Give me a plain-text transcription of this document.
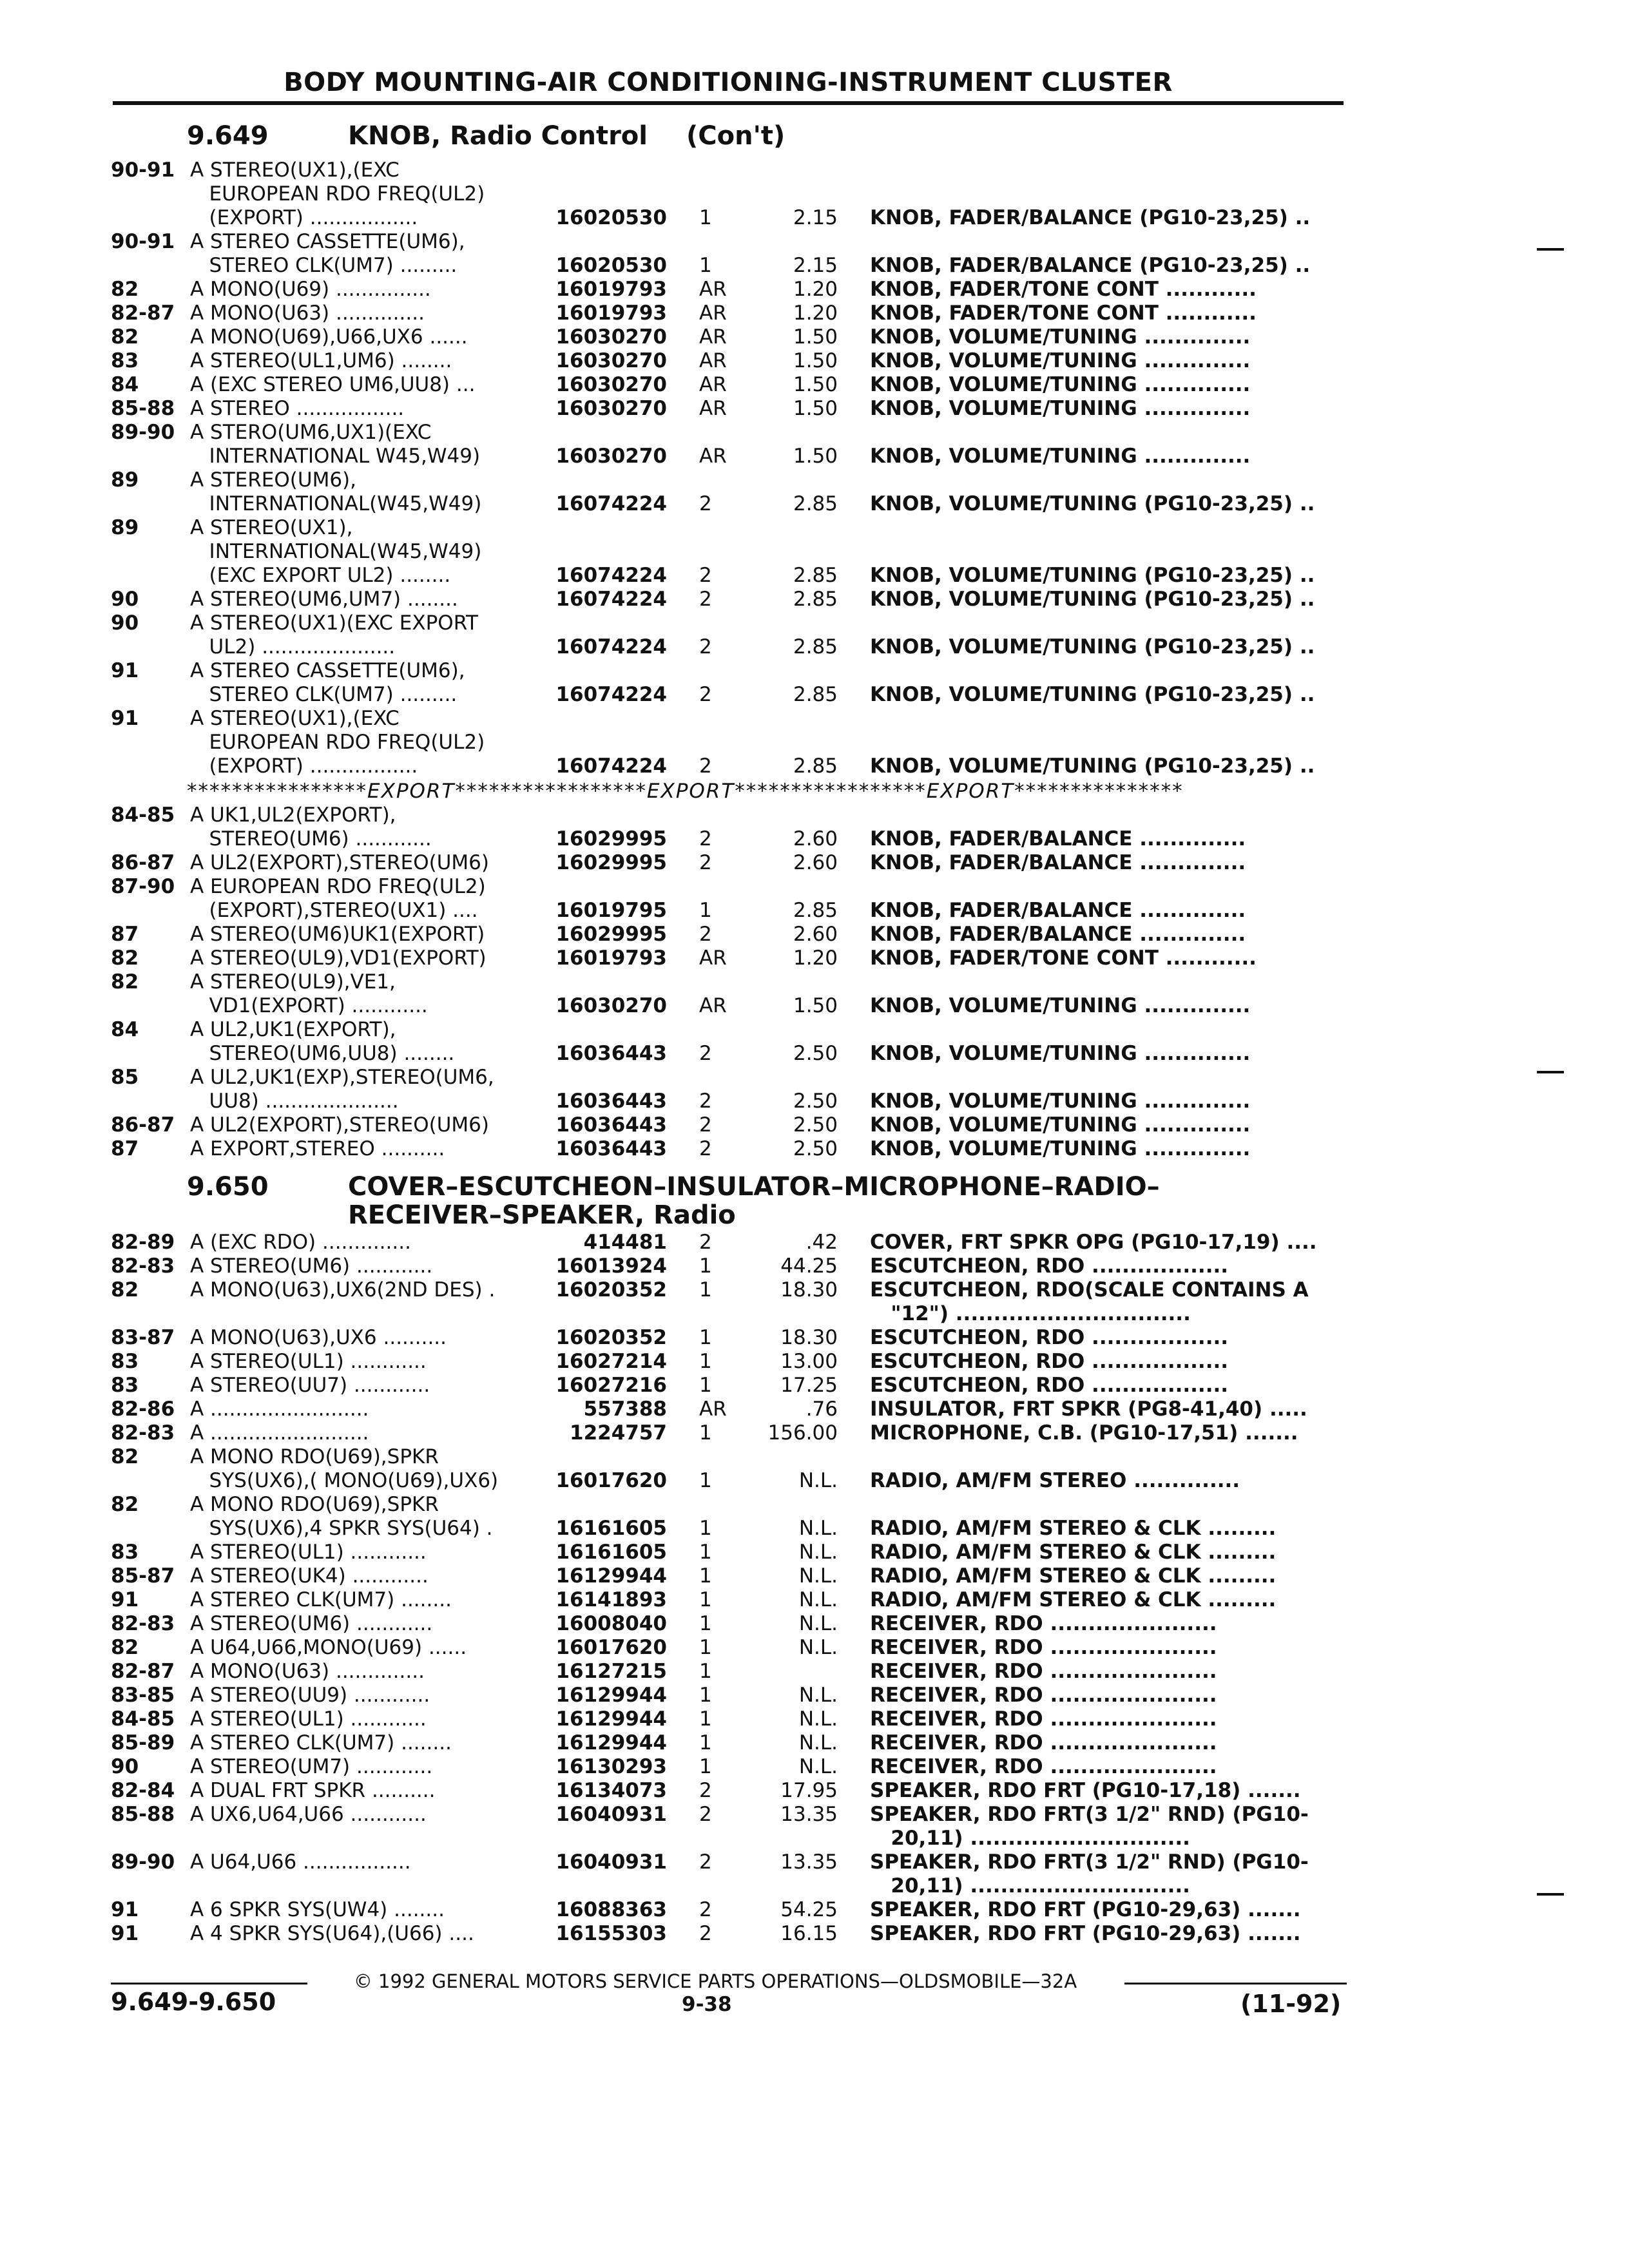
BODY MOUNTING-AIR CONDITIONING-INSTRUMENT CLUSTER
9.649	KNOB, Radio Control (Con't)
****************EXPORT*****************EXPORT*****************EXPORT***************
9.650	COVER–ESCUTCHEON–INSULATOR–MICROPHONE–RADIO–
RECEIVER–SPEAKER, Radio
90-91 A STEREO(UX1),(EXC
EUROPEAN RDO FREQ(UL2)
(EXPORT) .................	16020530 1	2.15 KNOB, FADER/BALANCE (PG10-23,25) ..
90-91 A STEREO CASSETTE(UM6),
STEREO CLK(UM7) .........	16020530 1	2.15 KNOB, FADER/BALANCE (PG10-23,25) ..
82	A MONO(U69) ...............	16019793 AR	1.20 KNOB, FADER/TONE CONT ............
82-87 A MONO(U63) ..............	16019793 AR	1.20 KNOB, FADER/TONE CONT ............
82	A MONO(U69),U66,UX6 ......	16030270 AR	1.50 KNOB, VOLUME/TUNING ..............
83	A STEREO(UL1,UM6) ........	16030270 AR	1.50 KNOB, VOLUME/TUNING ..............
84	A (EXC STEREO UM6,UU8) ...	16030270 AR	1.50 KNOB, VOLUME/TUNING ..............
85-88 A STEREO .................	16030270 AR	1.50 KNOB, VOLUME/TUNING ..............
89-90 A STERO(UM6,UX1)(EXC
INTERNATIONAL W45,W49)	16030270 AR	1.50 KNOB, VOLUME/TUNING ..............
89	A STEREO(UM6),
INTERNATIONAL(W45,W49)	16074224 2	2.85 KNOB, VOLUME/TUNING (PG10-23,25) ..
89	A STEREO(UX1),
INTERNATIONAL(W45,W49)
(EXC EXPORT UL2) ........	16074224 2	2.85 KNOB, VOLUME/TUNING (PG10-23,25) ..
90	A STEREO(UM6,UM7) ........	16074224 2	2.85 KNOB, VOLUME/TUNING (PG10-23,25) ..
90	A STEREO(UX1)(EXC EXPORT
UL2) .....................	16074224 2	2.85 KNOB, VOLUME/TUNING (PG10-23,25) ..
91	A STEREO CASSETTE(UM6),
STEREO CLK(UM7) .........	16074224 2	2.85 KNOB, VOLUME/TUNING (PG10-23,25) ..
91	A STEREO(UX1),(EXC
EUROPEAN RDO FREQ(UL2)
(EXPORT) .................	16074224 2	2.85 KNOB, VOLUME/TUNING (PG10-23,25) ..
84-85 A UK1,UL2(EXPORT),
STEREO(UM6) ............	16029995 2	2.60 KNOB, FADER/BALANCE ..............
86-87 A UL2(EXPORT),STEREO(UM6)	16029995 2	2.60 KNOB, FADER/BALANCE ..............
87-90 A EUROPEAN RDO FREQ(UL2)
(EXPORT),STEREO(UX1) ....	16019795 1	2.85 KNOB, FADER/BALANCE ..............
87	A STEREO(UM6)UK1(EXPORT)	16029995 2	2.60 KNOB, FADER/BALANCE ..............
82	A STEREO(UL9),VD1(EXPORT)	16019793 AR	1.20 KNOB, FADER/TONE CONT ............
82	A STEREO(UL9),VE1,
VD1(EXPORT) ............	16030270 AR	1.50 KNOB, VOLUME/TUNING ..............
84	A UL2,UK1(EXPORT),
STEREO(UM6,UU8) ........	16036443 2	2.50 KNOB, VOLUME/TUNING ..............
85	A UL2,UK1(EXP),STEREO(UM6,
UU8) .....................	16036443 2	2.50 KNOB, VOLUME/TUNING ..............
86-87 A UL2(EXPORT),STEREO(UM6)	16036443 2	2.50 KNOB, VOLUME/TUNING ..............
87	A EXPORT,STEREO ..........	16036443 2	2.50 KNOB, VOLUME/TUNING ..............
82-89 A (EXC RDO) ..............	414481 2	.42 COVER, FRT SPKR OPG (PG10-17,19) ....
82-83 A STEREO(UM6) ............	16013924 1	44.25 ESCUTCHEON, RDO ..................
82	A MONO(U63),UX6(2ND DES) .	16020352 1	18.30 ESCUTCHEON, RDO(SCALE CONTAINS A
"12") ...............................
83-87 A MONO(U63),UX6 ..........	16020352 1	18.30 ESCUTCHEON, RDO ..................
83	A STEREO(UL1) ............	16027214 1	13.00 ESCUTCHEON, RDO ..................
83	A STEREO(UU7) ............	16027216 1	17.25 ESCUTCHEON, RDO ..................
82-86 A .........................	557388 AR	.76 INSULATOR, FRT SPKR (PG8-41,40) .....
82-83 A .........................	1224757 1	156.00 MICROPHONE, C.B. (PG10-17,51) .......
82	A MONO RDO(U69),SPKR
SYS(UX6),( MONO(U69),UX6)	16017620 1	N.L. RADIO, AM/FM STEREO ..............
82	A MONO RDO(U69),SPKR
SYS(UX6),4 SPKR SYS(U64) .	16161605 1	N.L. RADIO, AM/FM STEREO & CLK .........
83	A STEREO(UL1) ............	16161605 1	N.L. RADIO, AM/FM STEREO & CLK .........
85-87 A STEREO(UK4) ............	16129944 1	N.L. RADIO, AM/FM STEREO & CLK .........
91	A STEREO CLK(UM7) ........	16141893 1	N.L. RADIO, AM/FM STEREO & CLK .........
82-83 A STEREO(UM6) ............	16008040 1	N.L. RECEIVER, RDO ......................
82	A U64,U66,MONO(U69) ......	16017620 1	N.L. RECEIVER, RDO ......................
82-87 A MONO(U63) ..............	16127215 1	RECEIVER, RDO ......................
83-85 A STEREO(UU9) ............	16129944 1	N.L. RECEIVER, RDO ......................
84-85 A STEREO(UL1) ............	16129944 1	N.L. RECEIVER, RDO ......................
85-89 A STEREO CLK(UM7) ........	16129944 1	N.L. RECEIVER, RDO ......................
90	A STEREO(UM7) ............	16130293 1	N.L. RECEIVER, RDO ......................
82-84 A DUAL FRT SPKR ..........	16134073 2	17.95 SPEAKER, RDO FRT (PG10-17,18) .......
85-88 A UX6,U64,U66 ............	16040931 2	13.35 SPEAKER, RDO FRT(3 1/2" RND) (PG10-
20,11) .............................
89-90 A U64,U66 .................	16040931 2	13.35 SPEAKER, RDO FRT(3 1/2" RND) (PG10-
20,11) .............................
91	A 6 SPKR SYS(UW4) ........	16088363 2	54.25 SPEAKER, RDO FRT (PG10-29,63) .......
91	A 4 SPKR SYS(U64),(U66) ....	16155303 2	16.15 SPEAKER, RDO FRT (PG10-29,63) .......
© 1992 GENERAL MOTORS SERVICE PARTS OPERATIONS—OLDSMOBILE—32A
9.649-9.650	9-38	(11-92)
